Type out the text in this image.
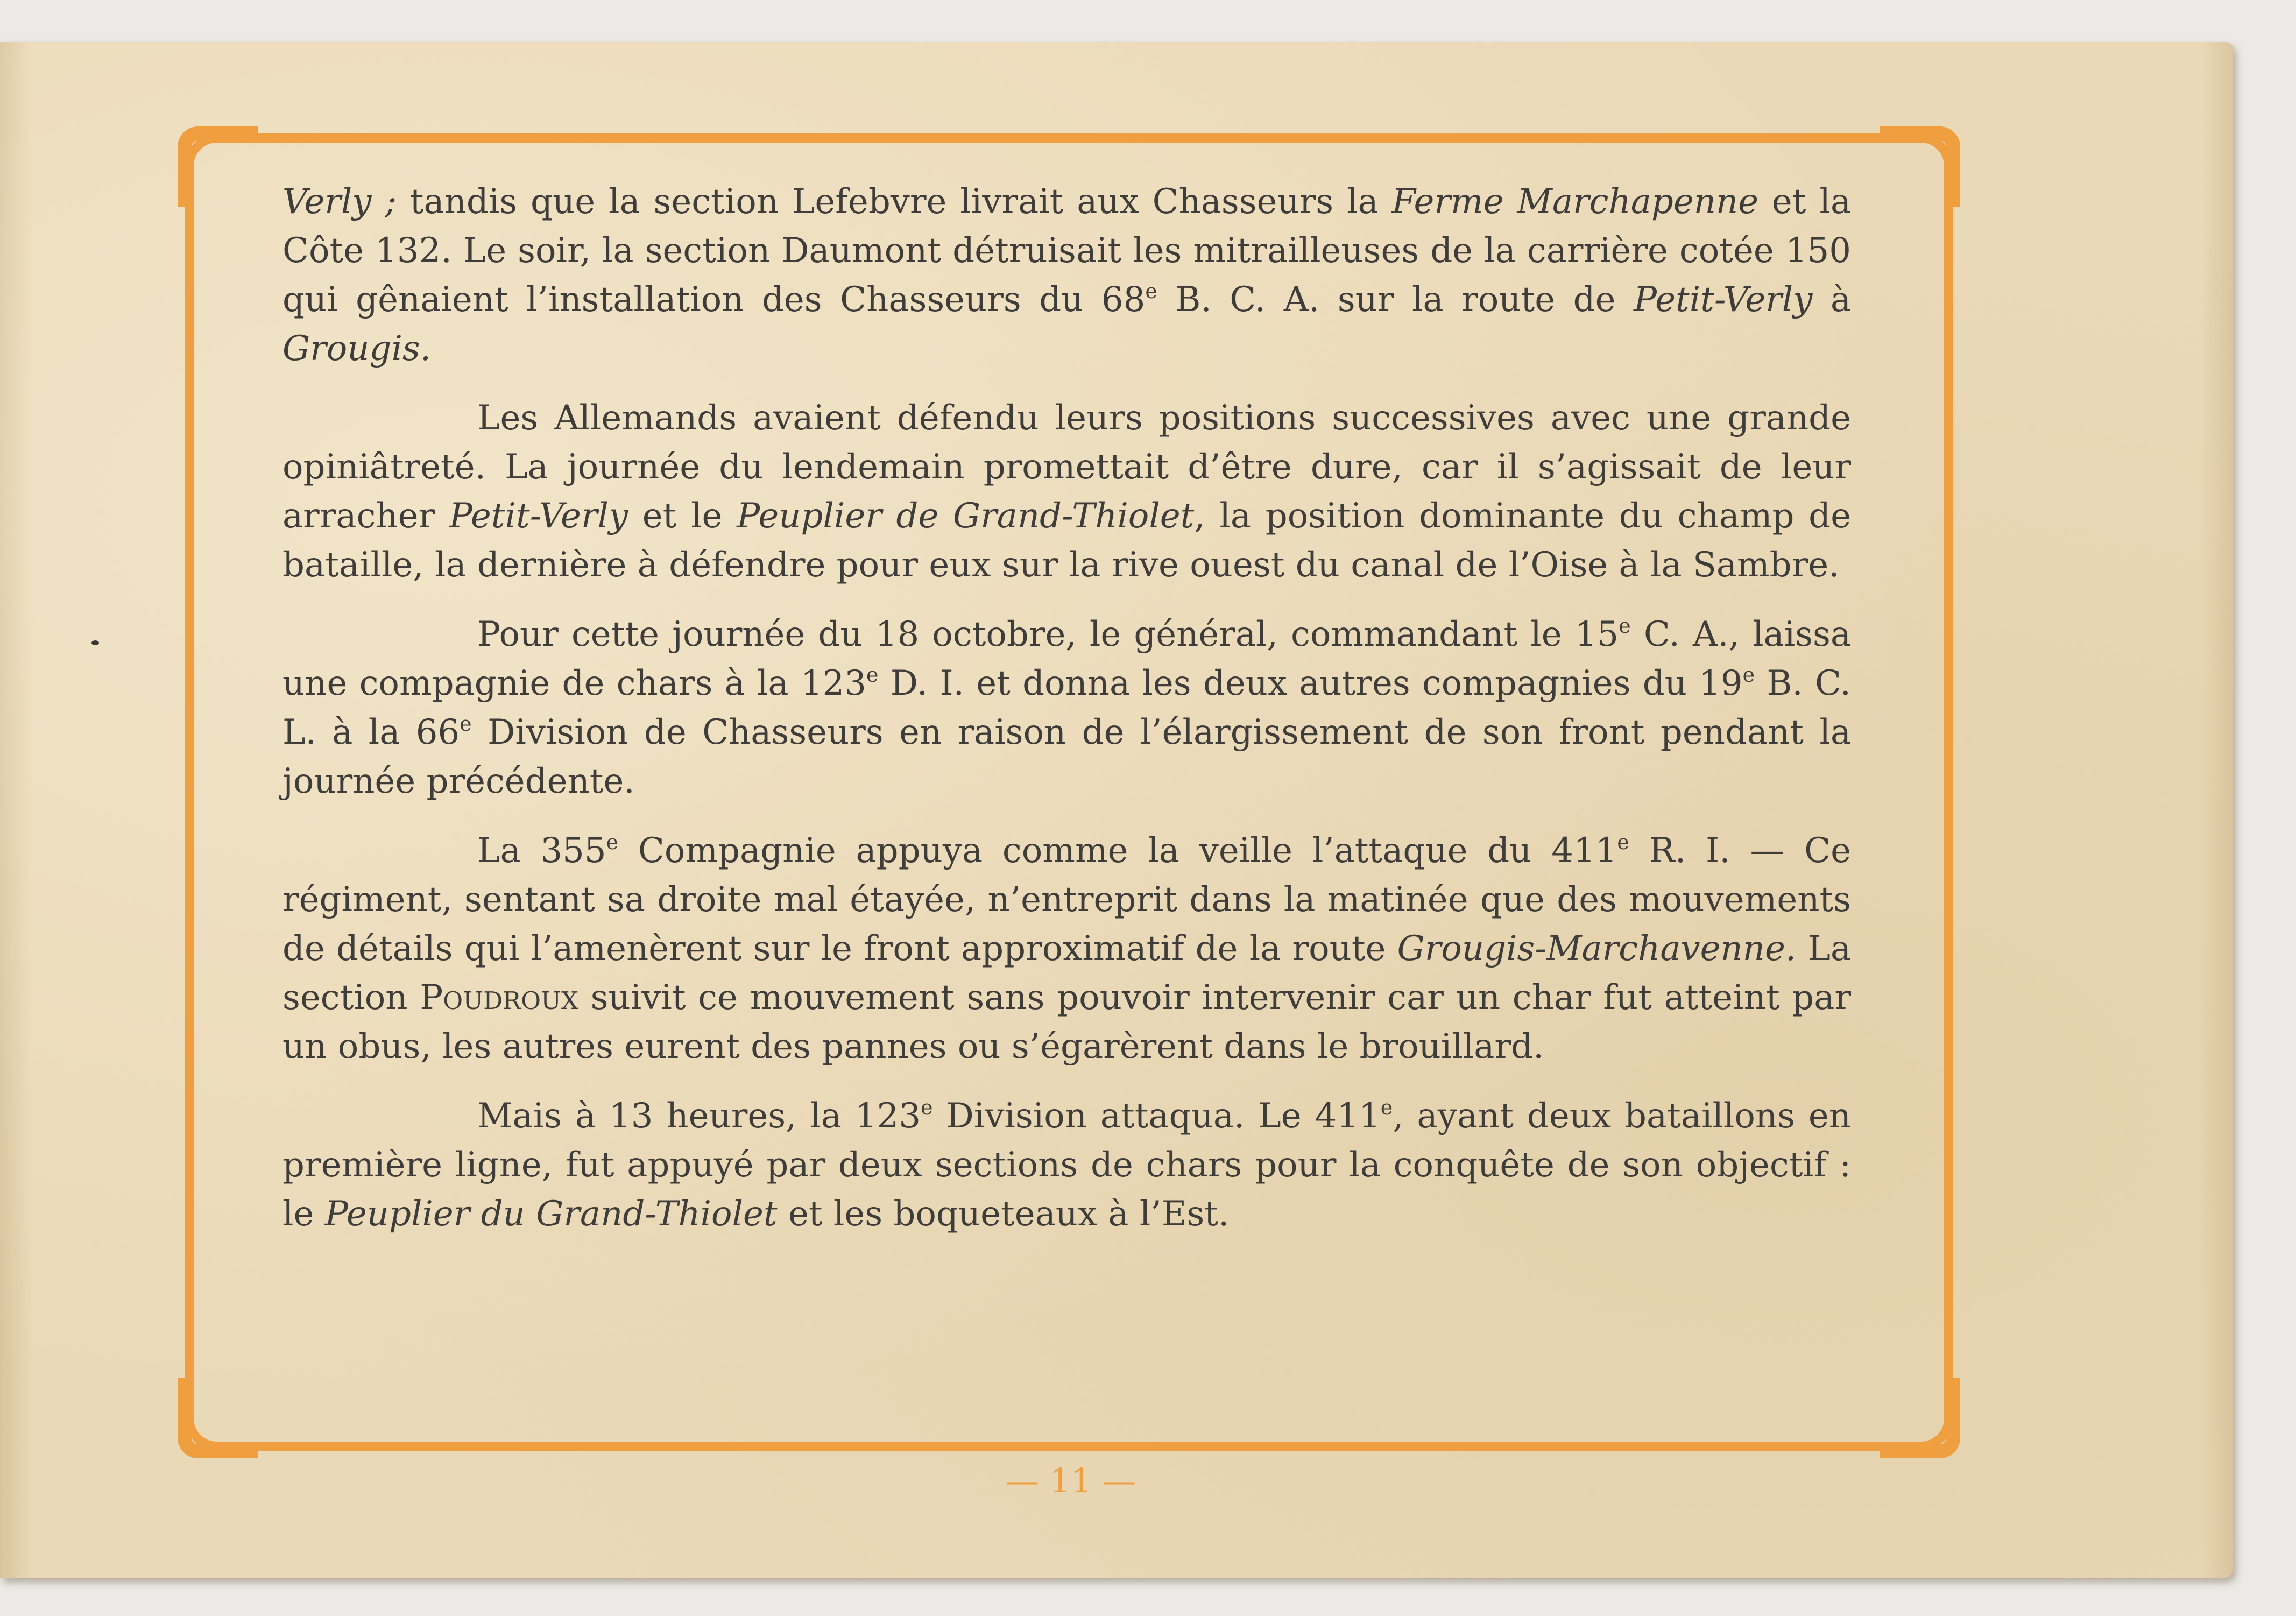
Verly ; tandis que la section Lefebvre livrait aux Chasseurs la Ferme Marchapenne et la Côte 132. Le soir, la section Daumont détruisait les mitrailleuses de la carrière cotée 150 qui gênaient l’installation des Chasseurs du 68e B. C. A. sur la route de Petit-Verly à Grougis.

Les Allemands avaient défendu leurs positions successives avec une grande opiniâtreté. La journée du lendemain promettait d’être dure, car il s’agissait de leur arracher Petit-Verly et le Peuplier de Grand-Thiolet, la position dominante du champ de bataille, la dernière à défendre pour eux sur la rive ouest du canal de l’Oise à la Sambre.

Pour cette journée du 18 octobre, le général, commandant le 15e C. A., laissa une compagnie de chars à la 123e D. I. et donna les deux autres compagnies du 19e B. C. L. à la 66e Division de Chasseurs en raison de l’élargissement de son front pendant la journée précédente.

La 355e Compagnie appuya comme la veille l’attaque du 411e R. I. — Ce régiment, sentant sa droite mal étayée, n’entreprit dans la matinée que des mouvements de détails qui l’amenèrent sur le front approximatif de la route Grougis-Marchavenne. La section Poudroux suivit ce mouvement sans pouvoir intervenir car un char fut atteint par un obus, les autres eurent des pannes ou s’égarèrent dans le brouillard.

Mais à 13 heures, la 123e Division attaqua. Le 411e, ayant deux bataillons en première ligne, fut appuyé par deux sections de chars pour la conquête de son objectif : le Peuplier du Grand-Thiolet et les boqueteaux à l’Est.

— 11 —
